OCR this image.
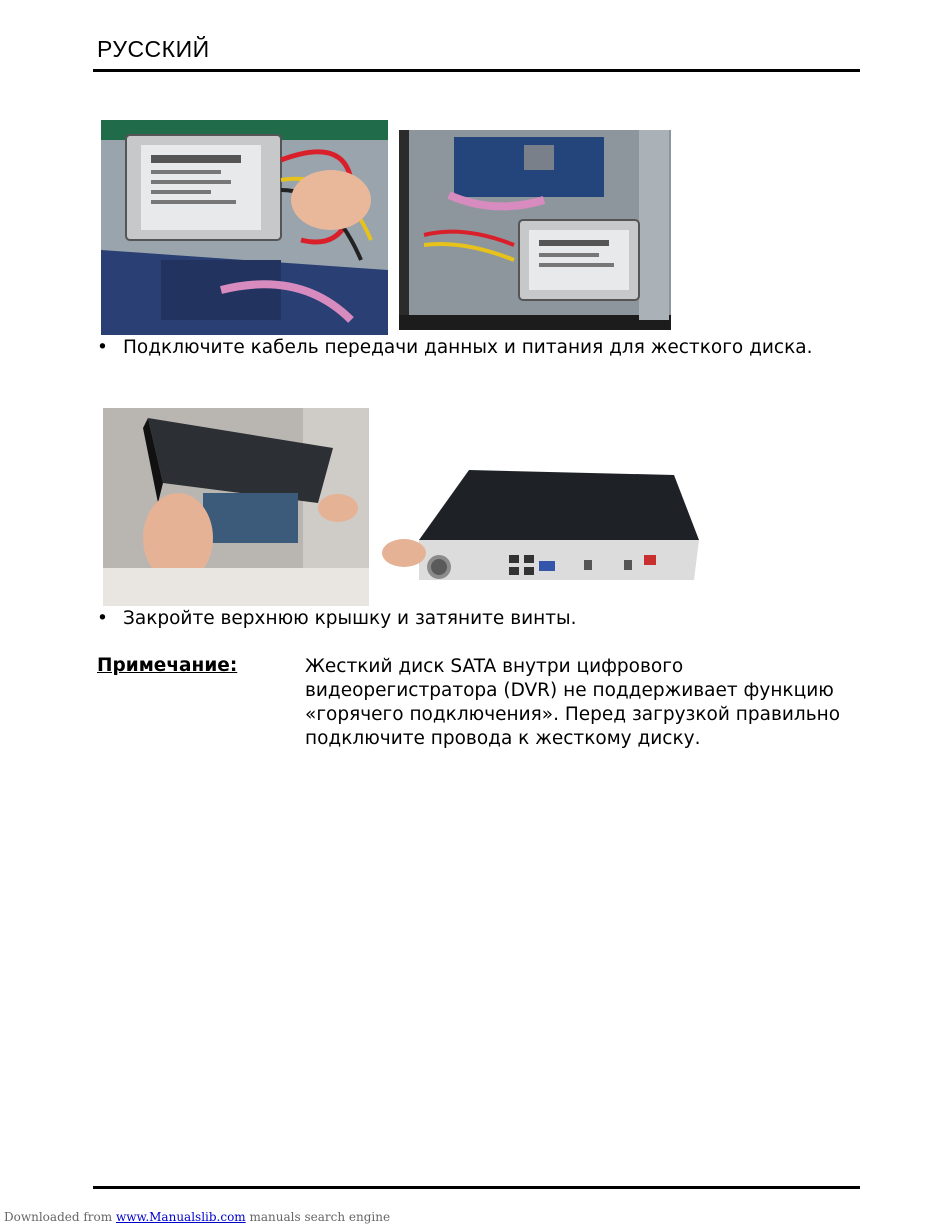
РУССКИЙ
• Подключите кабель передачи данных и питания для жесткого диска.
• Закройте верхнюю крышку и затяните винты.
Примечание:	Жесткий диск SATA внутри цифрового
видеорегистратора (DVR) не поддерживает функцию
«горячего подключения». Перед загрузкой правильно
подключите провода к жесткому диску.
Downloaded from www.Manualslib.com manuals search engine
